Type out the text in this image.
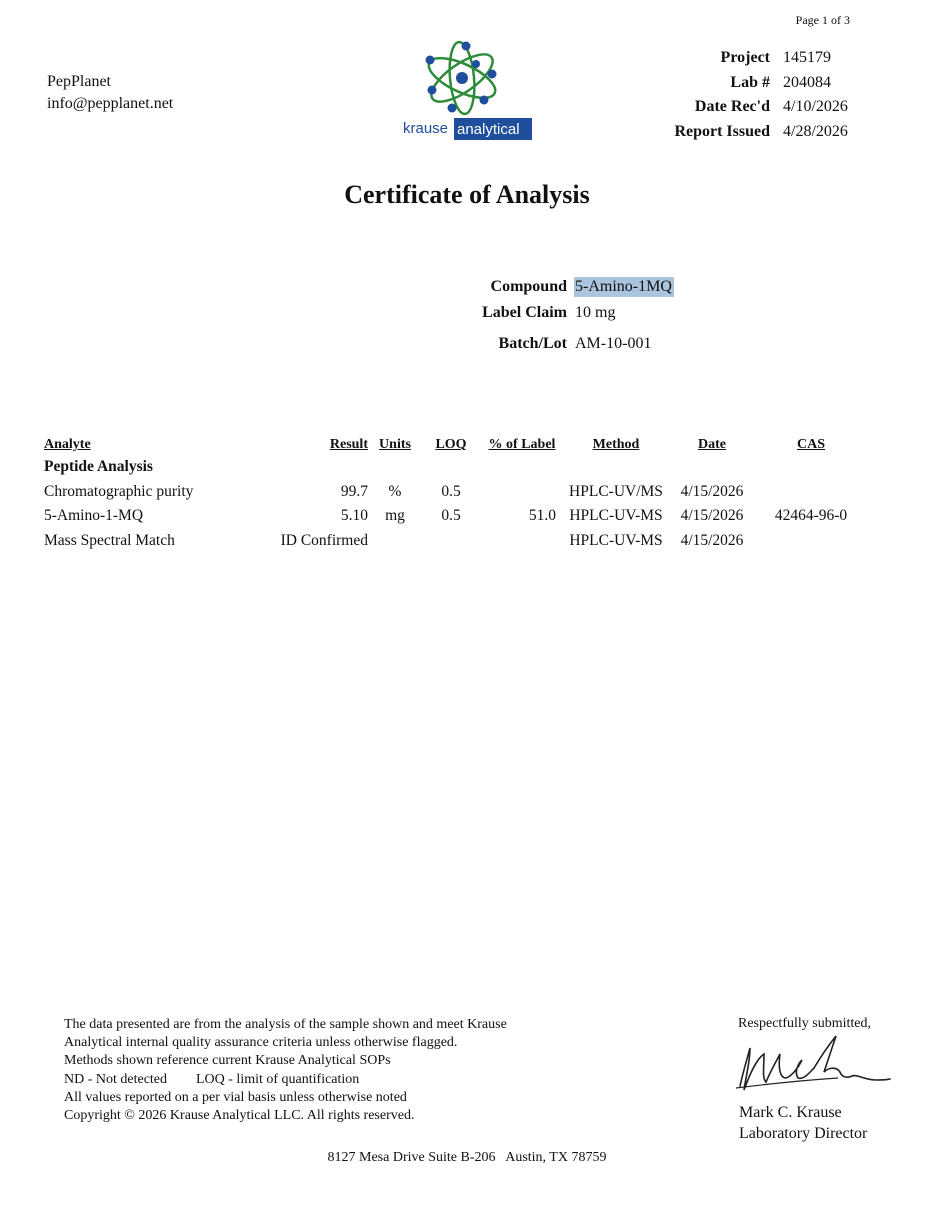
Page 1 of 3
PepPlanet
info@pepplanet.net
krause analytical
Project 145179
Lab # 204084
Date Rec'd 4/10/2026
Report Issued 4/28/2026
Certificate of Analysis
Compound 5-Amino-1MQ
Label Claim 10 mg
Batch/Lot AM-10-001
Analyte	Result	Units	LOQ	% of Label	Method	Date	CAS
Peptide Analysis							
Chromatographic purity	99.7	%	0.5		HPLC-UV/MS	4/15/2026	
5-Amino-1-MQ	5.10	mg	0.5	51.0	HPLC-UV-MS	4/15/2026	42464-96-0
Mass Spectral Match	ID Confirmed				HPLC-UV-MS	4/15/2026	
The data presented are from the analysis of the sample shown and meet Krause
Analytical internal quality assurance criteria unless otherwise flagged.
Methods shown reference current Krause Analytical SOPs
ND - Not detected LOQ - limit of quantification
All values reported on a per vial basis unless otherwise noted
Copyright © 2026 Krause Analytical LLC. All rights reserved.
Respectfully submitted,
Mark C. Krause
Laboratory Director
8127 Mesa Drive Suite B-206   Austin, TX 78759
